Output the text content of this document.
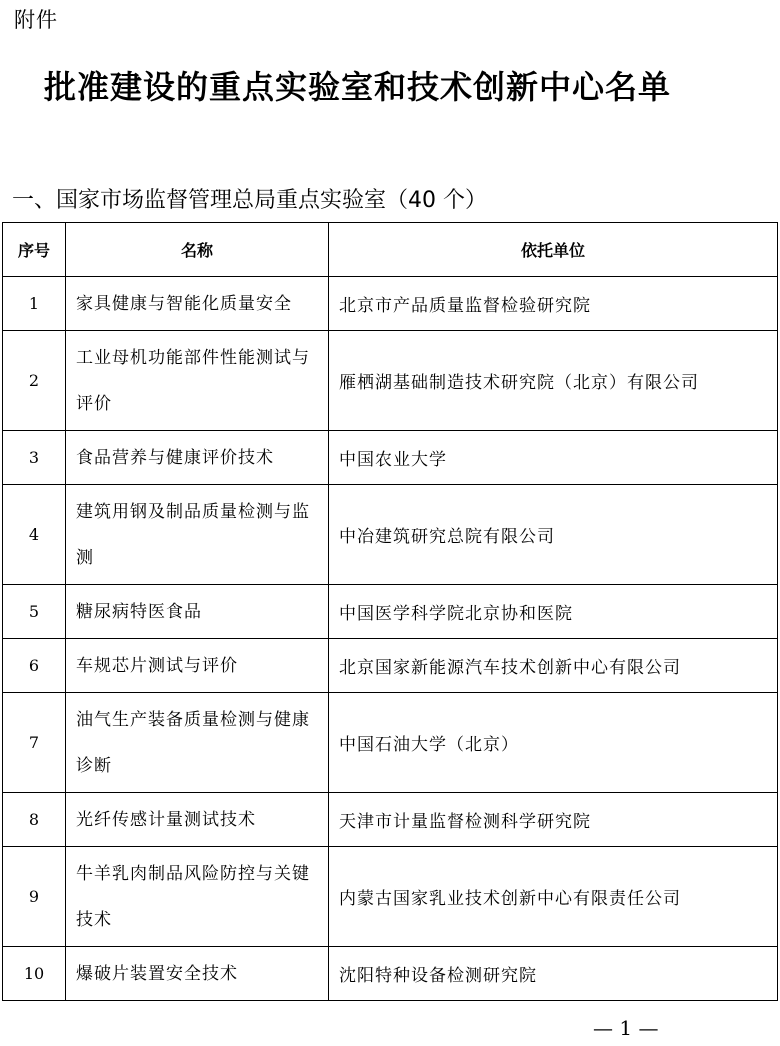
附件
批准建设的重点实验室和技术创新中心名单
一、国家市场监督管理总局重点实验室（40 个）
序号	名称	依托单位
1	家具健康与智能化质量安全	北京市产品质量监督检验研究院
2	工业母机功能部件性能测试与评价	雁栖湖基础制造技术研究院（北京）有限公司
3	食品营养与健康评价技术	中国农业大学
4	建筑用钢及制品质量检测与监测	中冶建筑研究总院有限公司
5	糖尿病特医食品	中国医学科学院北京协和医院
6	车规芯片测试与评价	北京国家新能源汽车技术创新中心有限公司
7	油气生产装备质量检测与健康诊断	中国石油大学（北京）
8	光纤传感计量测试技术	天津市计量监督检测科学研究院
9	牛羊乳肉制品风险防控与关键技术	内蒙古国家乳业技术创新中心有限责任公司
10	爆破片装置安全技术	沈阳特种设备检测研究院
— 1 —
